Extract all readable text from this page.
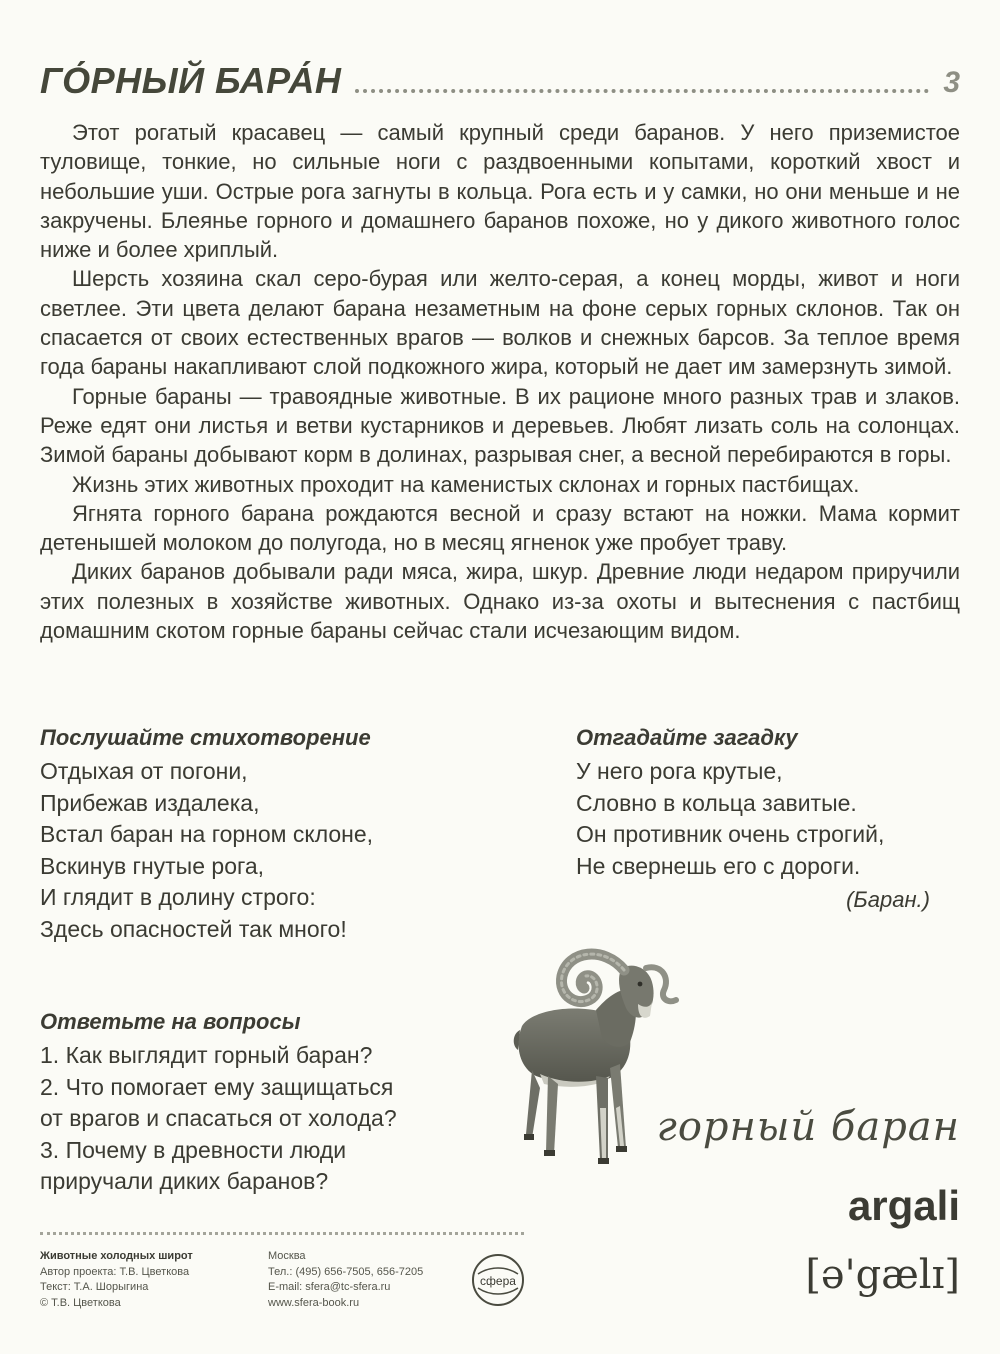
ГО́РНЫЙ БАРА́Н	3

Этот рогатый красавец — самый крупный среди баранов. У него приземистое туловище, тонкие, но сильные ноги с раздвоенными копытами, короткий хвост и небольшие уши. Острые рога загнуты в кольца. Рога есть и у самки, но они меньше и не закручены. Блеянье горного и домашнего баранов похоже, но у дикого животного голос ниже и более хриплый.

Шерсть хозяина скал серо-бурая или желто-серая, а конец морды, живот и ноги светлее. Эти цвета делают барана незаметным на фоне серых горных склонов. Так он спасается от своих естественных врагов — волков и снежных барсов. За теплое время года бараны накапливают слой подкожного жира, который не дает им замерзнуть зимой.

Горные бараны — травоядные животные. В их рационе много разных трав и злаков. Реже едят они листья и ветви кустарников и деревьев. Любят лизать соль на солонцах. Зимой бараны добывают корм в долинах, разрывая снег, а весной перебираются в горы.

Жизнь этих животных проходит на каменистых склонах и горных пастбищах.

Ягнята горного барана рождаются весной и сразу встают на ножки. Мама кормит детенышей молоком до полугода, но в месяц ягненок уже пробует траву.

Диких баранов добывали ради мяса, жира, шкур. Древние люди недаром приручили этих полезных в хозяйстве животных. Однако из-за охоты и вытеснения с пастбищ домашним скотом горные бараны сейчас стали исчезающим видом.

Послушайте стихотворение
Отдыхая от погони,
Прибежав издалека,
Встал баран на горном склоне,
Вскинув гнутые рога,
И глядит в долину строго:
Здесь опасностей так много!
Отгадайте загадку
У него рога крутые,
Словно в кольца завитые.
Он противник очень строгий,
Не свернешь его с дороги.
(Баран.)
Ответьте на вопросы
1. Как выглядит горный баран?
2. Что помогает ему защищаться
от врагов и спасаться от холода?
3. Почему в древности люди
приручали диких баранов?
горный баран
argali
[ə'gælɪ]
Животные холодных широт
Автор проекта: Т.В. Цветкова
Текст: Т.А. Шорыгина
© Т.В. Цветкова
Москва
Тел.: (495) 656-7505, 656-7205
E-mail: sfera@tc-sfera.ru
www.sfera-book.ru
сфера
